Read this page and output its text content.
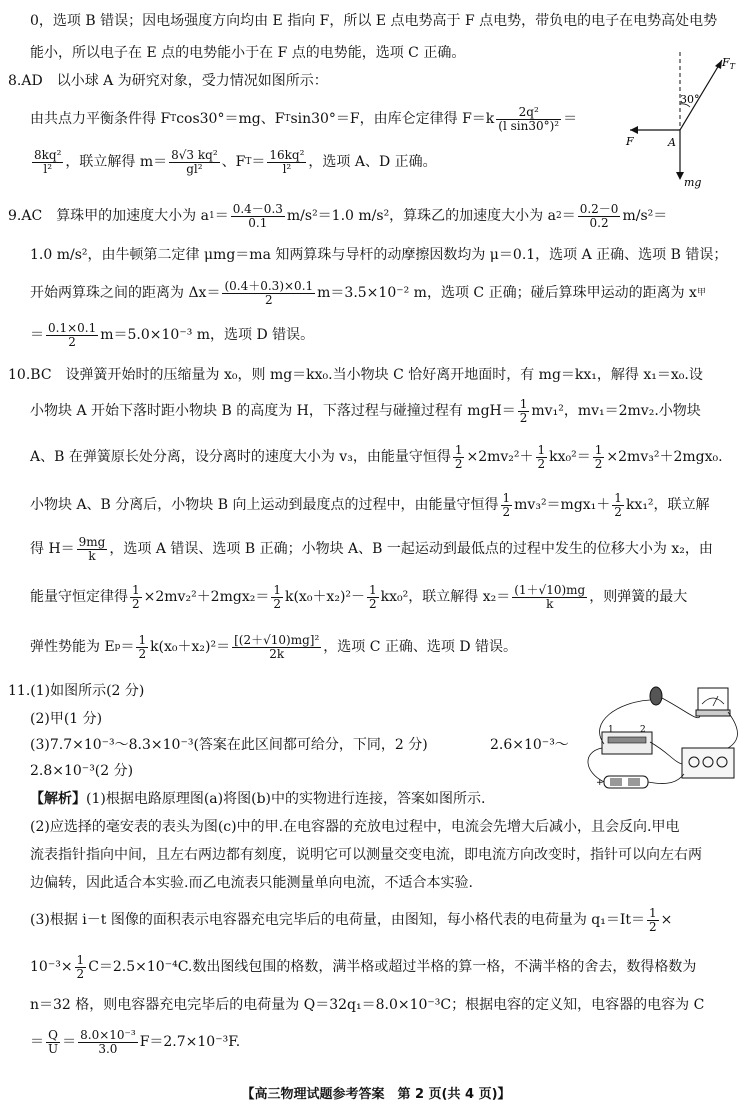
0，选项 B 错误；因电场强度方向均由 E 指向 F，所以 E 点电势高于 F 点电势，带负电的电子在电势高处电势
能小，所以电子在 E 点的电势能小于在 F 点的电势能，选项 C 正确。
8.AD　 以小球 A 为研究对象，受力情况如图所示：
由共点力平衡条件得 F T cos30°＝mg、F T sin30°＝F，由库仑定律得 $F=k \frac{\text{2q²}}{\text{(l sin30°)²}}$ ＝
$\frac{\text{8kq²}}{\text{l²}}$ ，联立解得 $m= \frac{\text{8√3 kq²}}{\text{gl²}}$ 、F $T = \frac{\text{16kq²}}{\text{l²}}$ ，选项 A、D 正确。
30°
$F_T$
F	A
mg
9.AC
　 算珠甲的加速度大小为 a $1 = \frac{0.4-0.3}{0.1} m/s^2=1.0$ m/s²，算珠乙的加速度大小为 a $2 = \frac{0.2-0}{0.2} m/s^2=$
1.0 m/s²，由牛顿第二定律 μmg＝ma 知两算珠与导杆的动摩擦因数均为 μ＝0.1，选项 A 正确、选项 B 错误；
开始两算珠之间的距离为 $\Delta x= \frac{(0.4+0.3)\times 0.1}{2} m=3.5\times 10^{-2}$ m，选项 C 正确；碰后算珠甲运动的距离为 x 甲
＝ $\frac{0.1\times 0.1}{2} m=5.0\times 10^{-3}$ m，选项 D 错误。
10.BC　 设弹簧开始时的压缩量为 x₀，则 mg＝kx₀.当小物块 C 恰好离开地面时，有 mg＝kx₁，解得 x₁＝x₀.设
小物块 A 开始下落时距小物块 B 的高度为 H，下落过程与碰撞过程有 $mgH= \frac{1}{2} mv_1^2$，mv₁＝2mv₂.小物块
A、B 在弹簧原长处分离，设分离时的速度大小为 v₃，由能量守恒得 $\frac{1}{2} \times 2mv_2^2+ \frac{1}{2} kx_0^2= \frac{1}{2} \times 2mv_3^2+2mgx_0$.
小物块 A、B 分离后，小物块 B 向上运动到最度点的过程中，由能量守恒得 $\frac{1}{2} mv_3^2=mgx_1+ \frac{1}{2} kx_1^2$，联立解
得 $H= \frac{9mg}{k}$ ，选项 A 错误、选项 B 正确；小物块 A、B 一起运动到最低点的过程中发生的位移大小为 x₂，由
能量守恒定律得 $\frac{1}{2} \times 2mv_2^2+2mgx_2= \frac{1}{2} k(x_0+x_2)^2- \frac{1}{2} kx_0^2$，联立解得 $x_2= \frac{(1+√10)mg}{k}$ ，则弹簧的最大
弹性势能为 E $p = \frac{1}{2} k(x_0+x_2)^2= \frac{\text{[(2＋√10)mg]²}}{2k}$ ，选项 C 正确、选项 D 错误。
11.(1)如图所示(2 分)
(2)甲(1 分)
(3)7.7×10⁻³～8.3×10⁻³(答案在此区间都可给分，下同，2 分)	2.6×10⁻³～
2.8×10⁻³(2 分)
1	2
+
【解析】(1)根据电路原理图(a)将图(b)中的实物进行连接，答案如图所示.
(2)应选择的毫安表的表头为图(c)中的甲.在电容器的充放电过程中，电流会先增大后减小，且会反向.甲电
流表指针指向中间，且左右两边都有刻度，说明它可以测量交变电流，即电流方向改变时，指针可以向左右两
边偏转，因此适合本实验.而乙电流表只能测量单向电流，不适合本实验.
(3)根据 i－t 图像的面积表示电容器充电完毕后的电荷量，由图知，每小格代表的电荷量为 $q_1=It= \frac{1}{2}$ ×
$10^{-3}\times \frac{1}{2} C=2.5\times 10^{-4}C$.数出图线包围的格数，满半格或超过半格的算一格，不满半格的舍去，数得格数为
n＝32 格，则电容器充电完毕后的电荷量为 Q＝32q₁＝8.0×10⁻³C；根据电容的定义知，电容器的电容为 C
＝ $\frac{Q}{U} = \frac{\text{8.0×10⁻³}}{3.0} F=2.7\times 10^{-3}F$.
【高三物理试题参考答案　第 2 页(共 4 页)】
